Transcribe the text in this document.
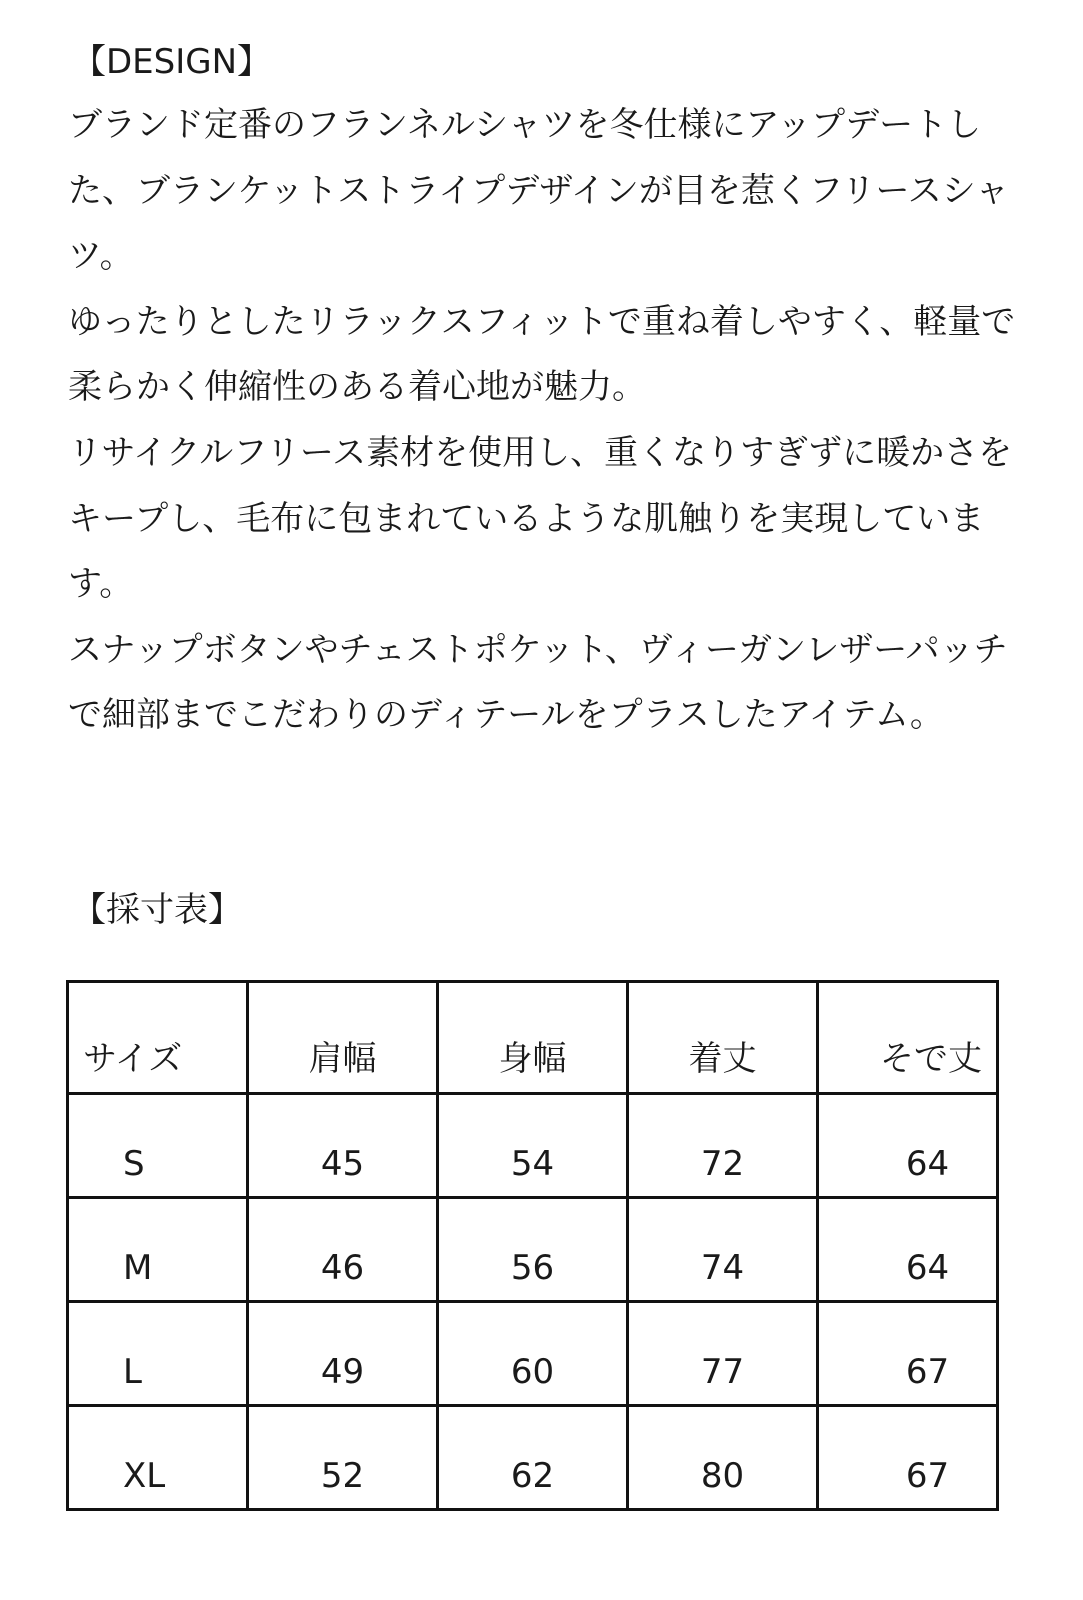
【DESIGN】

ブランド定番のフランネルシャツを冬仕様にアップデートした、ブランケットストライプデザインが目を惹くフリースシャツ。

ゆったりとしたリラックスフィットで重ね着しやすく、軽量で柔らかく伸縮性のある着心地が魅力。

リサイクルフリース素材を使用し、重くなりすぎずに暖かさをキープし、毛布に包まれているような肌触りを実現しています。

スナップボタンやチェストポケット、ヴィーガンレザーパッチで細部までこだわりのディテールをプラスしたアイテム。

【採寸表】
サイズ	肩幅	身幅	着丈	そで丈
S	45	54	72	64
M	46	56	74	64
L	49	60	77	67
XL	52	62	80	67
